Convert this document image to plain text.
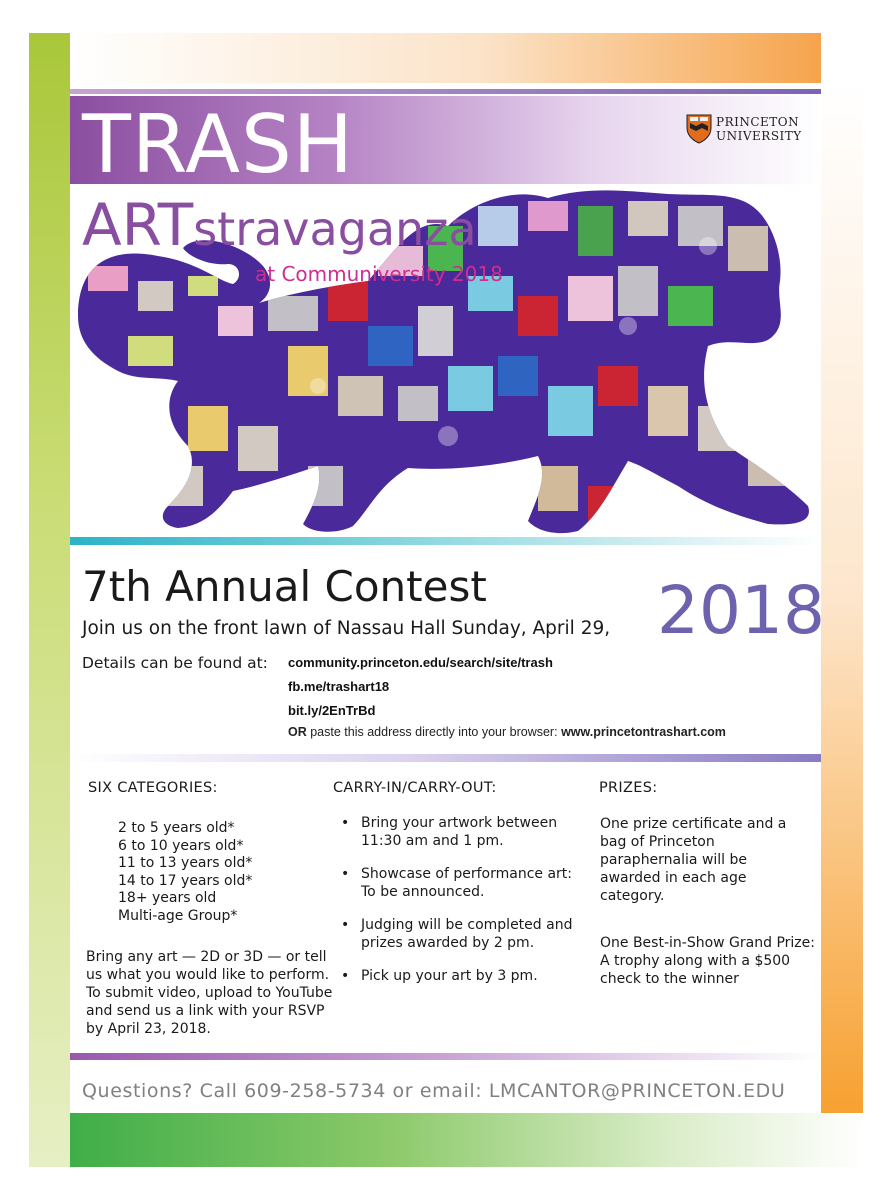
TRASH	PRINCETON
UNIVERSITY
ARTstravaganza
at Communiversity 2018
7th Annual Contest	2018
Join us on the front lawn of Nassau Hall Sunday, April 29,
Details can be found at: community.princeton.edu/search/site/trash
fb.me/trashart18
bit.ly/2EnTrBd
OR paste this address directly into your browser: www.princetontrashart.com
SIX CATEGORIES:
2 to 5 years old*
6 to 10 years old*
11 to 13 years old*
14 to 17 years old*
18+ years old
Multi-age Group*
Bring any art — 2D or 3D — or tell us what you would like to perform. To submit video, upload to YouTube and send us a link with your RSVP by April 23, 2018.
CARRY-IN/CARRY-OUT:
• Bring your artwork between 11:30 am and 1 pm.
• Showcase of performance art: To be announced.
• Judging will be completed and prizes awarded by 2 pm.
• Pick up your art by 3 pm.
PRIZES:
One prize certificate and a bag of Princeton paraphernalia will be awarded in each age category.
One Best-in-Show Grand Prize: A trophy along with a $500 check to the winner
Questions? Call 609-258-5734 or email: LMCANTOR@PRINCETON.EDU
